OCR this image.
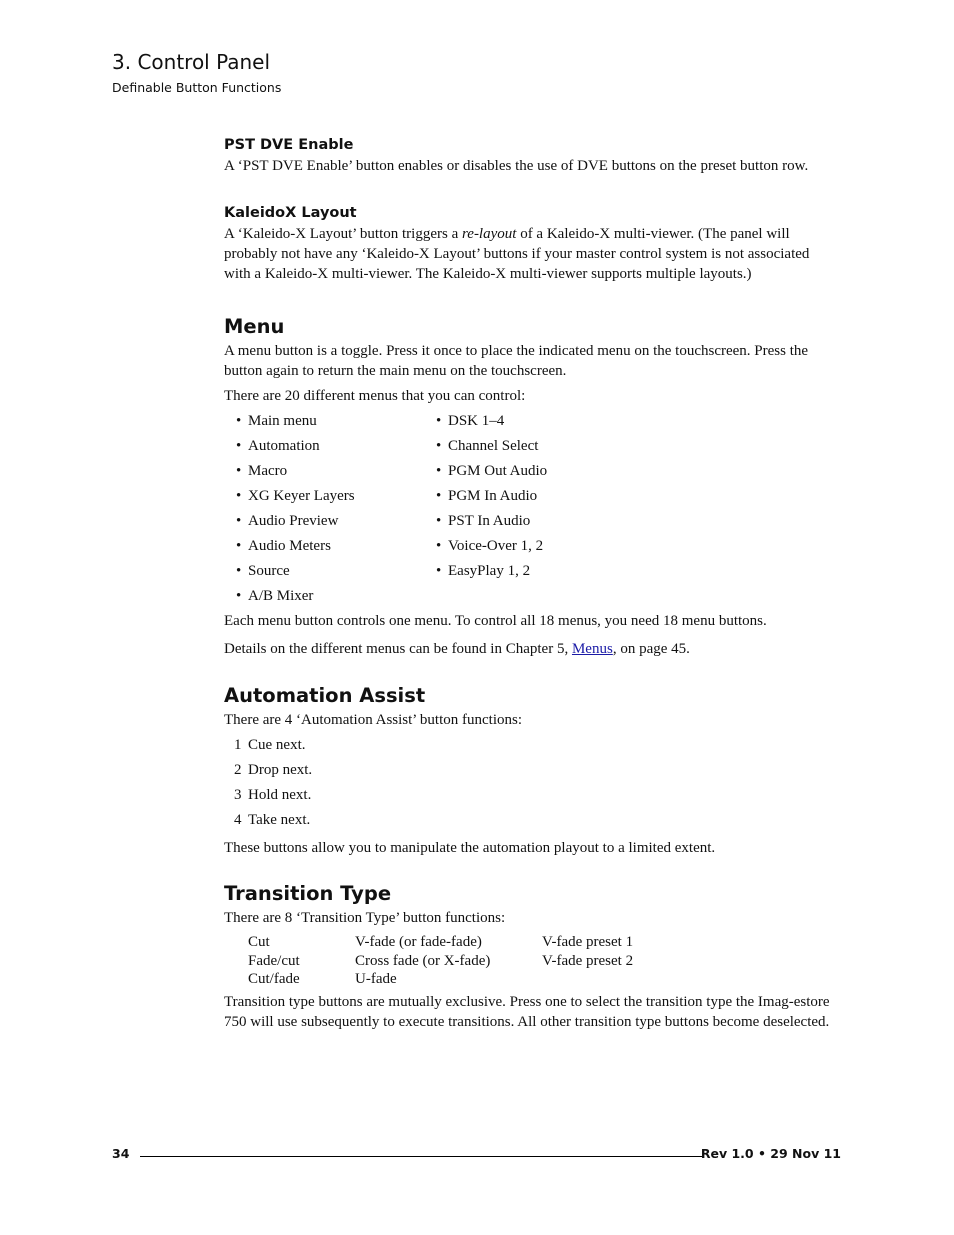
3. Control Panel
Definable Button Functions
PST DVE Enable

A ‘PST DVE Enable’ button enables or disables the use of DVE buttons on the preset button row.

KaleidoX Layout

A ‘Kaleido-X Layout’ button triggers a re-layout of a Kaleido-X multi-viewer. (The panel will probably not have any ‘Kaleido-X Layout’ buttons if your master control system is not associated with a Kaleido-X multi-viewer. The Kaleido-X multi-viewer supports multiple layouts.)

Menu

A menu button is a toggle. Press it once to place the indicated menu on the touchscreen. Press the button again to return the main menu on the touchscreen.

There are 20 different menus that you can control:

• Main menu
• Automation
• Macro
• XG Keyer Layers
• Audio Preview
• Audio Meters
• Source
• A/B Mixer
• DSK 1–4
• Channel Select
• PGM Out Audio
• PGM In Audio
• PST In Audio
• Voice-Over 1, 2
• EasyPlay 1, 2

Each menu button controls one menu. To control all 18 menus, you need 18 menu buttons.

Details on the different menus can be found in Chapter 5, Menus, on page 45.

Automation Assist

There are 4 ‘Automation Assist’ button functions:

1 Cue next.
2 Drop next.
3 Hold next.
4 Take next.

These buttons allow you to manipulate the automation playout to a limited extent.

Transition Type

There are 8 ‘Transition Type’ button functions:

Cut
Fade/cut
Cut/fade
V-fade (or fade-fade)
Cross fade (or X-fade)
U-fade
V-fade preset 1
V-fade preset 2

Transition type buttons are mutually exclusive. Press one to select the transition type the Imag-estore 750 will use subsequently to execute transitions. All other transition type buttons become deselected.

34	Rev 1.0 • 29 Nov 11
